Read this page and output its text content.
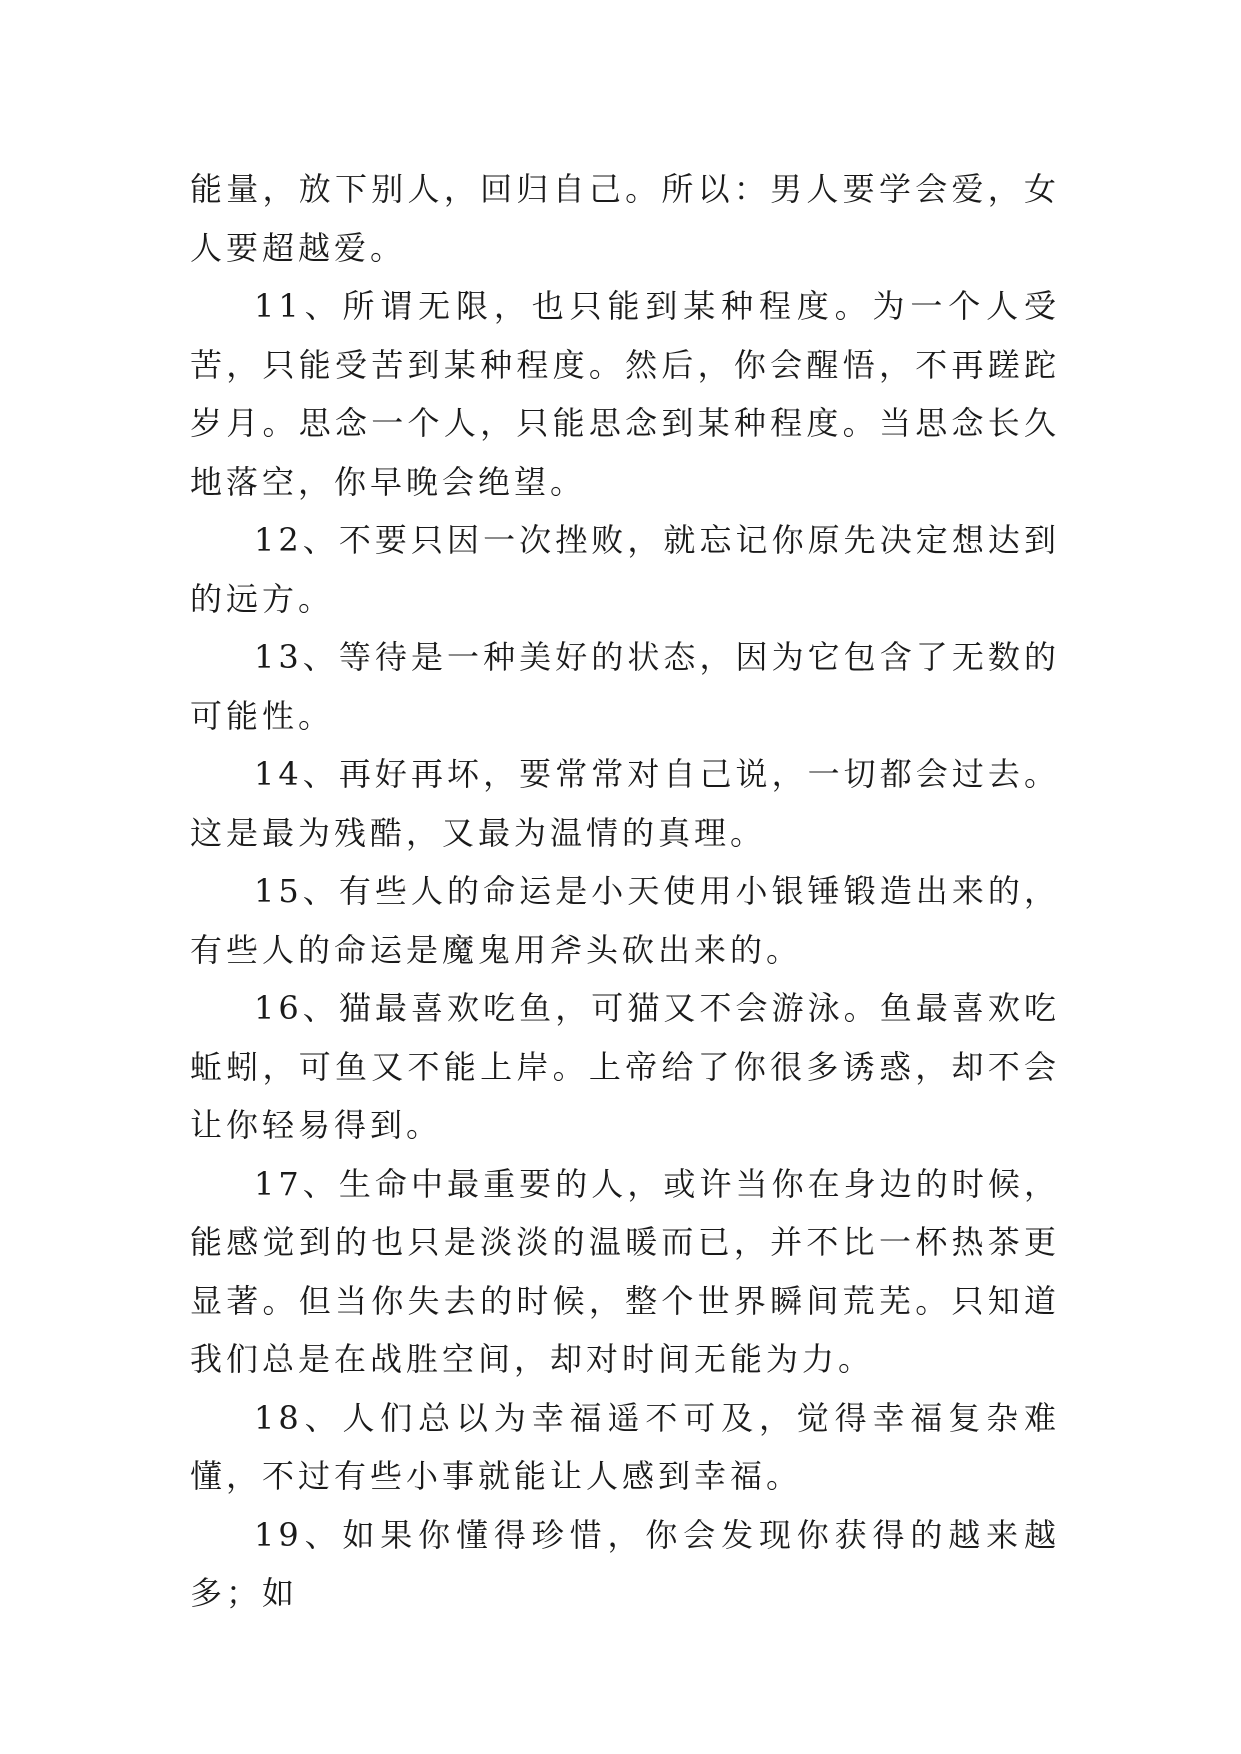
能量，放下别人，回归自己。所以：男人要学会爱，女人要超越爱。

11、所谓无限，也只能到某种程度。为一个人受苦，只能受苦到某种程度。然后，你会醒悟，不再蹉跎岁月。思念一个人，只能思念到某种程度。当思念长久地落空，你早晚会绝望。

12、不要只因一次挫败，就忘记你原先决定想达到的远方。

13、等待是一种美好的状态，因为它包含了无数的可能性。

14、再好再坏，要常常对自己说，一切都会过去。这是最为残酷，又最为温情的真理。

15、有些人的命运是小天使用小银锤锻造出来的，有些人的命运是魔鬼用斧头砍出来的。

16、猫最喜欢吃鱼，可猫又不会游泳。鱼最喜欢吃蚯蚓，可鱼又不能上岸。上帝给了你很多诱惑，却不会让你轻易得到。

17、生命中最重要的人，或许当你在身边的时候，能感觉到的也只是淡淡的温暖而已，并不比一杯热茶更显著。但当你失去的时候，整个世界瞬间荒芜。只知道我们总是在战胜空间，却对时间无能为力。

18、人们总以为幸福遥不可及，觉得幸福复杂难懂，不过有些小事就能让人感到幸福。

19、如果你懂得珍惜，你会发现你获得的越来越多；如
